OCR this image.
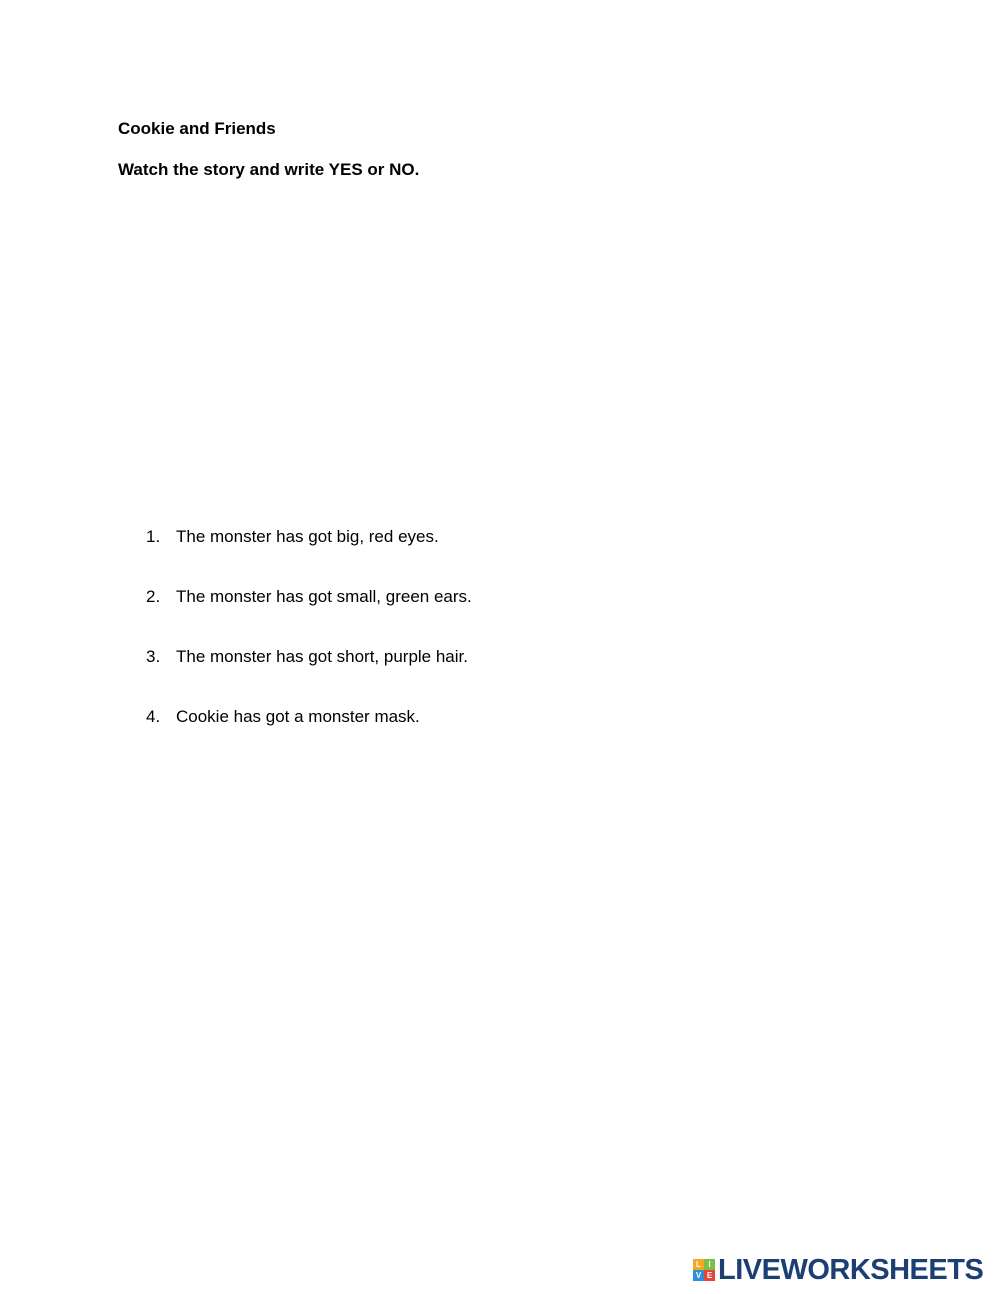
Cookie and Friends

Watch the story and write YES or NO.

1. The monster has got big, red eyes.
2. The monster has got small, green ears.
3. The monster has got short, purple hair.
4. Cookie has got a monster mask.
L I
V E LIVEWORKSHEETS
